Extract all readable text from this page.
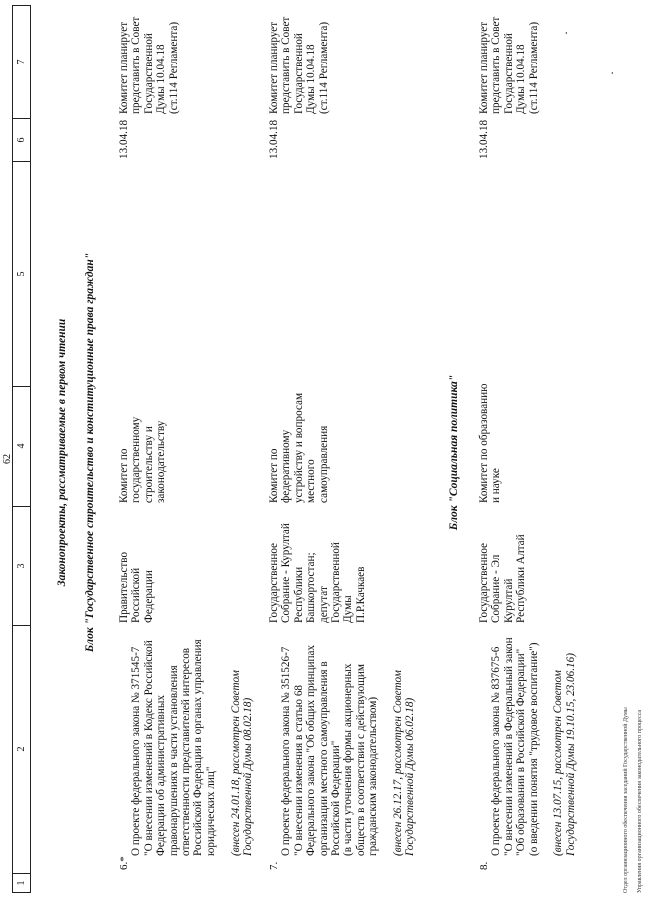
62
1
2
3
4
5
6
7
Законопроекты, рассматриваемые в первом чтении Блок "Государственное строительство и конституционные права граждан"
6.*

О проекте федерального закона № 371545-7
"О внесении изменений в Кодекс Российской Федерации об административных правонарушениях в части установления ответственности представителей интересов Российской Федерации в органах управления юридических лиц" (внесен 24.01.18, рассмотрен Советом Государственной Думы 08.02.18)

Правительство Российской Федерации
Комитет по государственному строительству и законодательству
13.04.18
Комитет планирует представить в Совет Государственной Думы 10.04.18
(ст.114 Регламента)
7.

О проекте федерального закона № 351526-7
"О внесении изменения в статью 68 Федерального закона "Об общих принципах организации местного самоуправления в Российской Федерации"
(в части уточнения формы акционерных обществ в соответствии с действующим гражданским законодательством) (внесен 26.12.17, рассмотрен Советом Государственной Думы 06.02.18)

Государственное Собрание - Курултай Республики Башкортостан; депутат Государственной Думы
П.Р.Качкаев
Комитет по федеративному устройству и вопросам местного самоуправления
13.04.18
Комитет планирует представить в Совет Государственной Думы 10.04.18
(ст.114 Регламента)
Блок "Социальная политика"
8.

О проекте федерального закона № 837675-6
"О внесении изменений в Федеральный закон "Об образовании в Российской Федерации"
(о введении понятия "трудовое воспитание") (внесен 13.07.15, рассмотрен Советом Государственной Думы 19.10.15, 23.06.16)

Государственное Собрание - Эл Курултай Республики Алтай
Комитет по образованию и науке
13.04.18
Комитет планирует представить в Совет Государственной Думы 10.04.18
(ст.114 Регламента)

Отдел организационного обеспечения заседаний Государственной Думы Управления организационного обеспечения законодательного процесса

·
·
